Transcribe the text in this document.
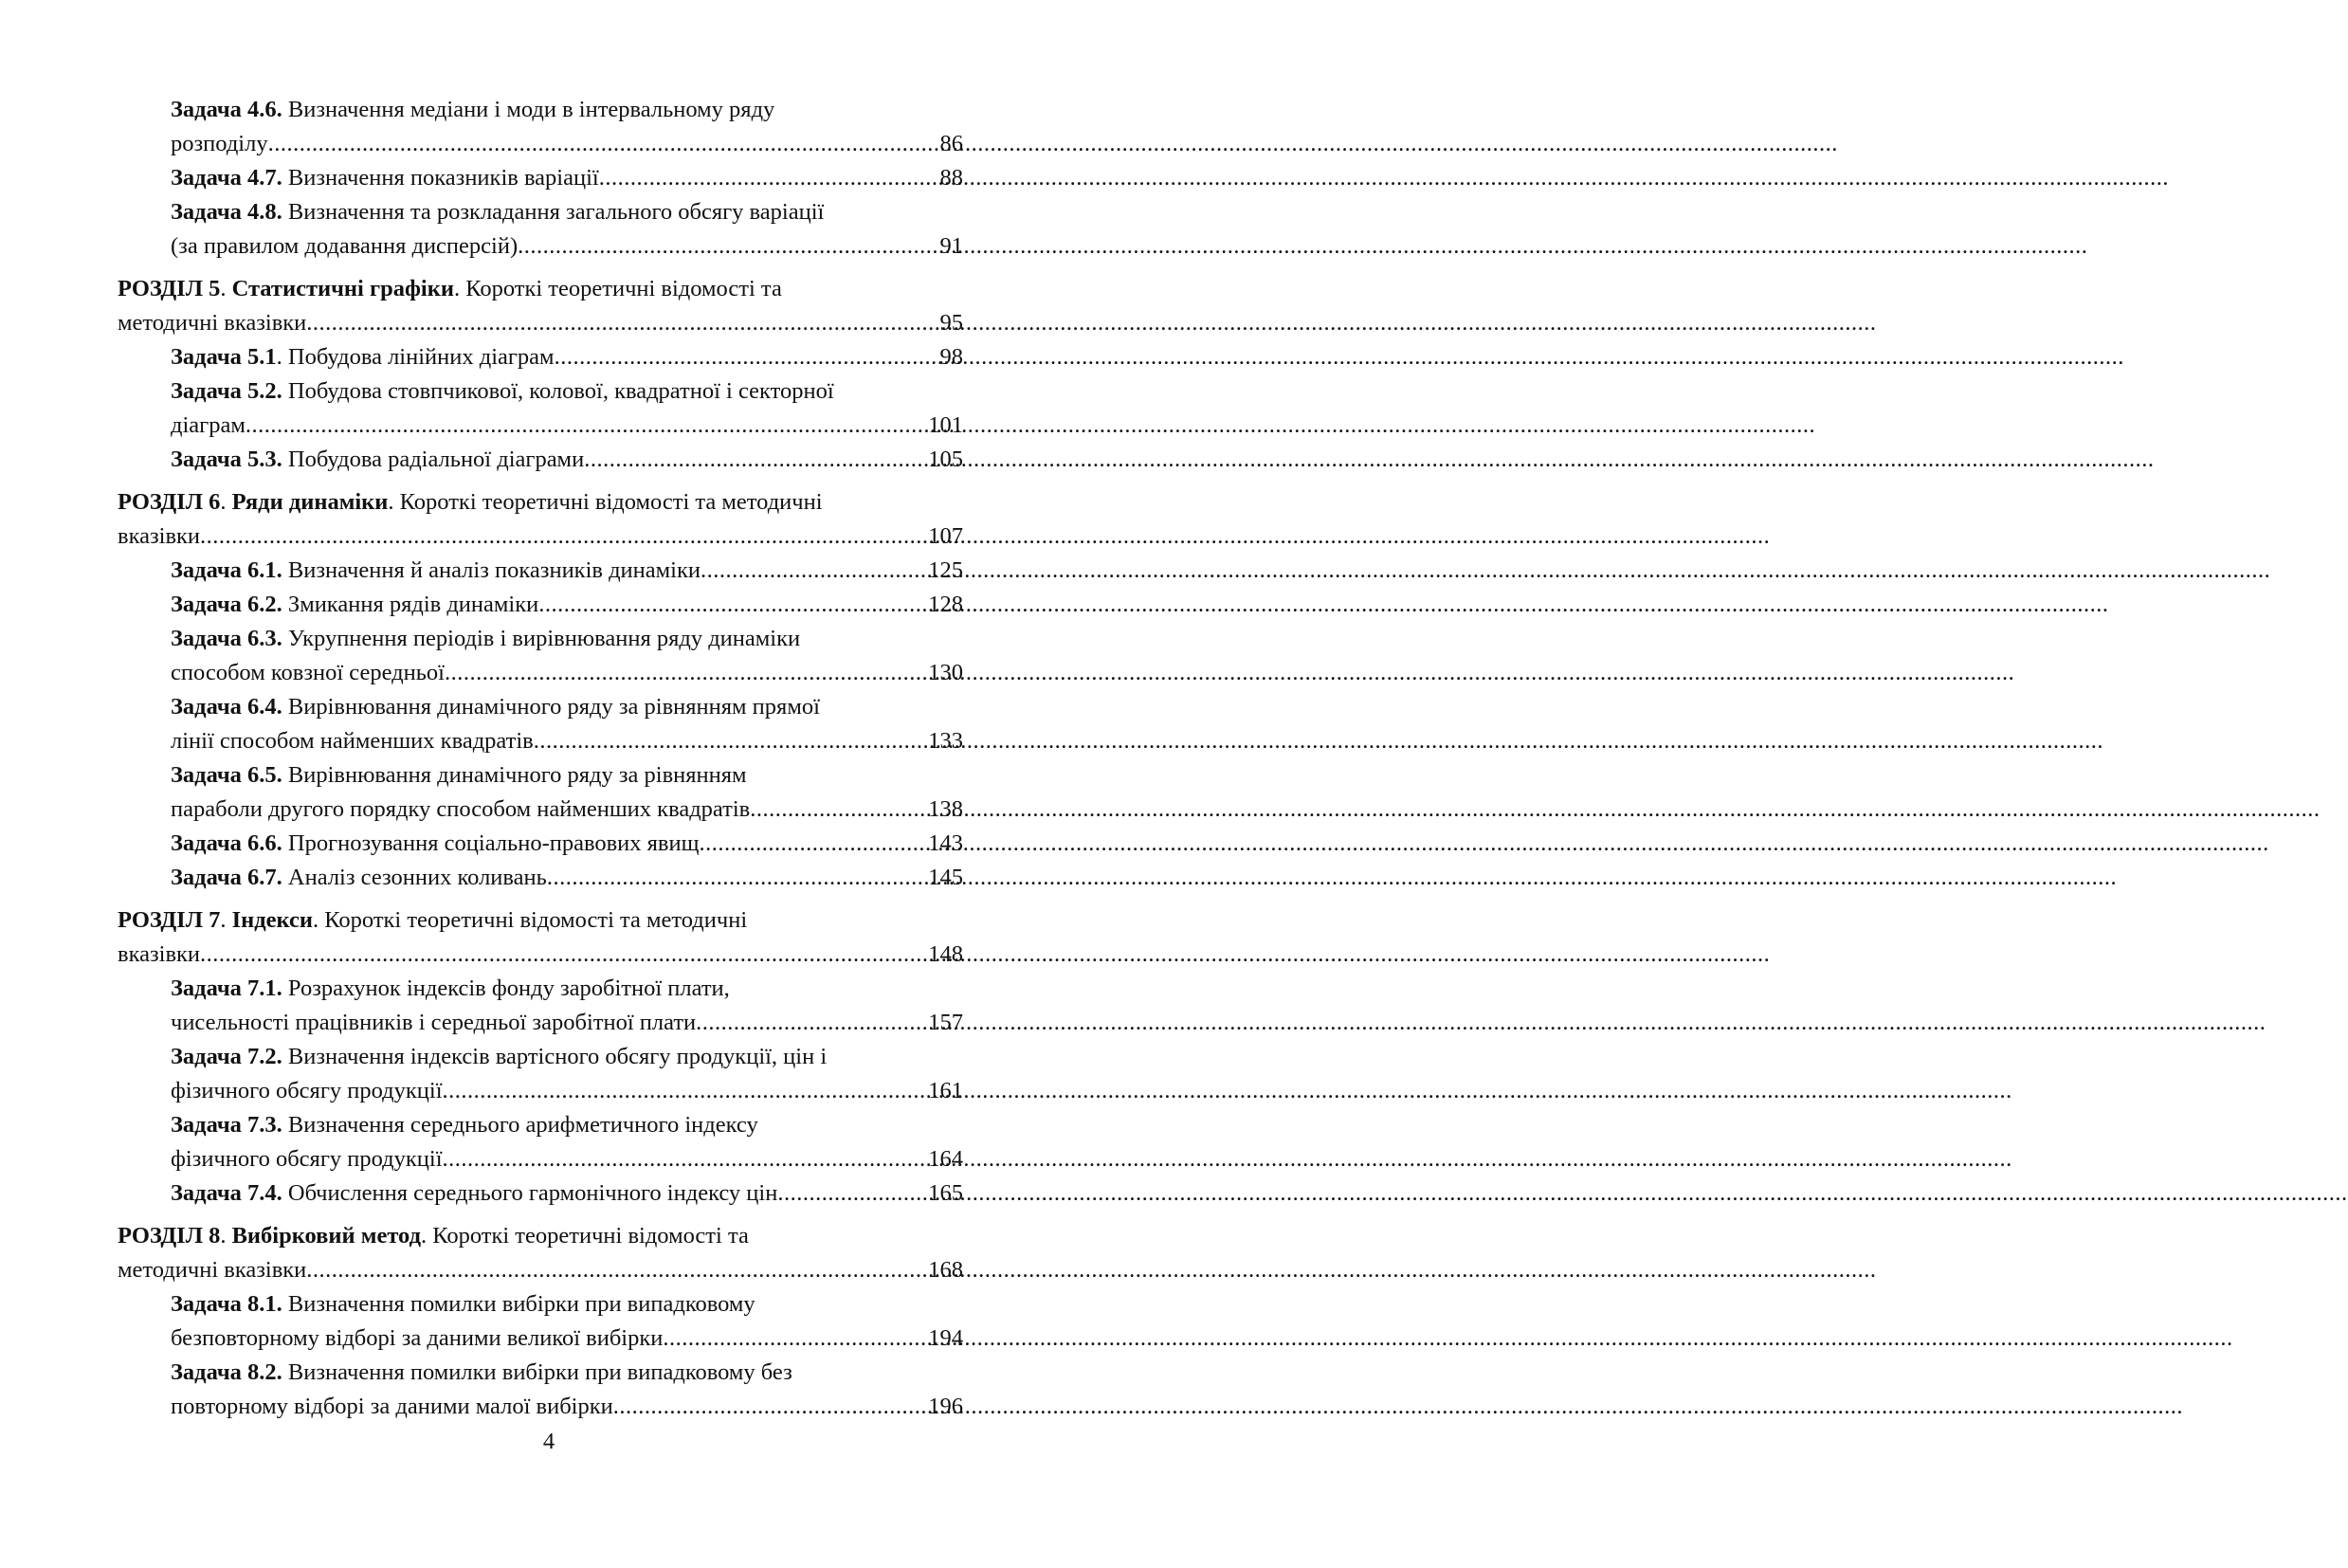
Задача 4.6. Визначення медіани і моди в інтервальному ряду
розподілу .....	86
Задача 4.7. Визначення показників варіації .....	88
Задача 4.8. Визначення та розкладання загального обсягу варіації
(за правилом додавання дисперсій) .....	91
РОЗДІЛ 5. Статистичні графіки. Короткі теоретичні відомості та
методичні вказівки .....	95
Задача 5.1. Побудова лінійних діаграм .....	98
Задача 5.2. Побудова стовпчикової, колової, квадратної і секторної
діаграм .....	101
Задача 5.3. Побудова радіальної діаграми .....	105
РОЗДІЛ 6. Ряди динаміки. Короткі теоретичні відомості та методичні
вказівки .....	107
Задача 6.1. Визначення й аналіз показників динаміки .....	125
Задача 6.2. Змикання рядів динаміки .....	128
Задача 6.3. Укрупнення періодів і вирівнювання ряду динаміки
способом ковзної середньої .....	130
Задача 6.4. Вирівнювання динамічного ряду за рівнянням прямої
лінії способом найменших квадратів .....	133
Задача 6.5. Вирівнювання динамічного ряду за рівнянням
параболи другого порядку способом найменших квадратів .....	138
Задача 6.6. Прогнозування соціально-правових явищ .....	143
Задача 6.7. Аналіз сезонних коливань .....	145
РОЗДІЛ 7. Індекси. Короткі теоретичні відомості та методичні
вказівки .....	148
Задача 7.1. Розрахунок індексів фонду заробітної плати,
чисельності працівників і середньої заробітної плати .....	157
Задача 7.2. Визначення індексів вартісного обсягу продукції, цін і
фізичного обсягу продукції .....	161
Задача 7.3. Визначення середнього арифметичного індексу
фізичного обсягу продукції .....	164
Задача 7.4. Обчислення середнього гармонічного індексу цін .....	165
РОЗДІЛ 8. Вибірковий метод. Короткі теоретичні відомості та
методичні вказівки .....	168
Задача 8.1. Визначення помилки вибірки при випадковому
безповторному відборі за даними великої вибірки .....	194
Задача 8.2. Визначення помилки вибірки при випадковому без
повторному відборі за даними малої вибірки .....	196
4
